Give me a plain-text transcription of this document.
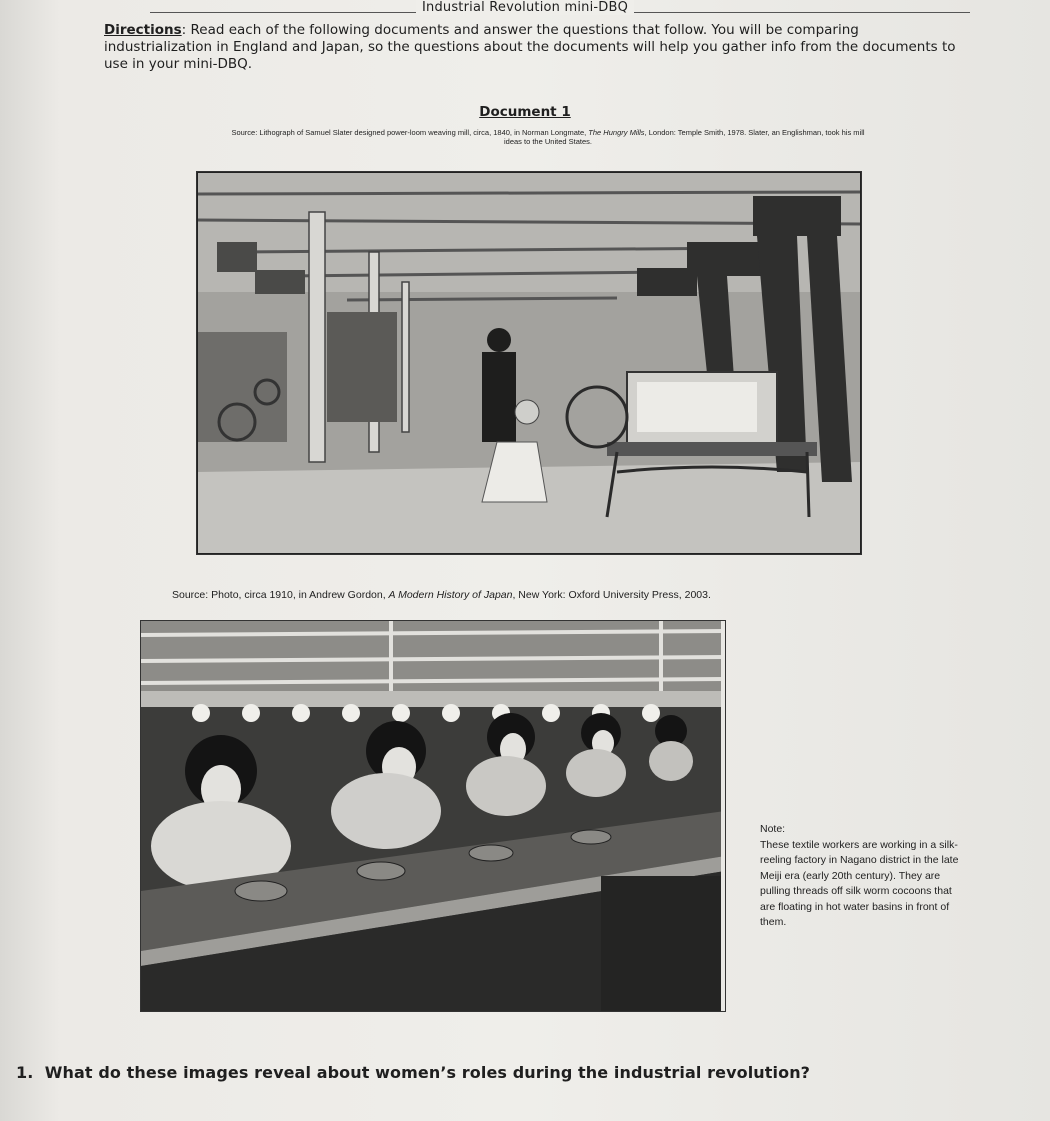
Industrial Revolution mini-DBQ
Directions: Read each of the following documents and answer the questions that follow. You will be comparing industrialization in England and Japan, so the questions about the documents will help you gather info from the documents to use in your mini-DBQ.
Document 1
Source: Lithograph of Samuel Slater designed power-loom weaving mill, circa, 1840, in Norman Longmate, The Hungry Mills, London: Temple Smith, 1978. Slater, an Englishman, took his mill ideas to the United States.
Source: Photo, circa 1910, in Andrew Gordon, A Modern History of Japan, New York: Oxford University Press, 2003.
Note:
These textile workers are working in a silk-reeling factory in Nagano district in the late Meiji era (early 20th century). They are pulling threads off silk worm cocoons that are floating in hot water basins in front of them.
1. What do these images reveal about women’s roles during the industrial revolution?
